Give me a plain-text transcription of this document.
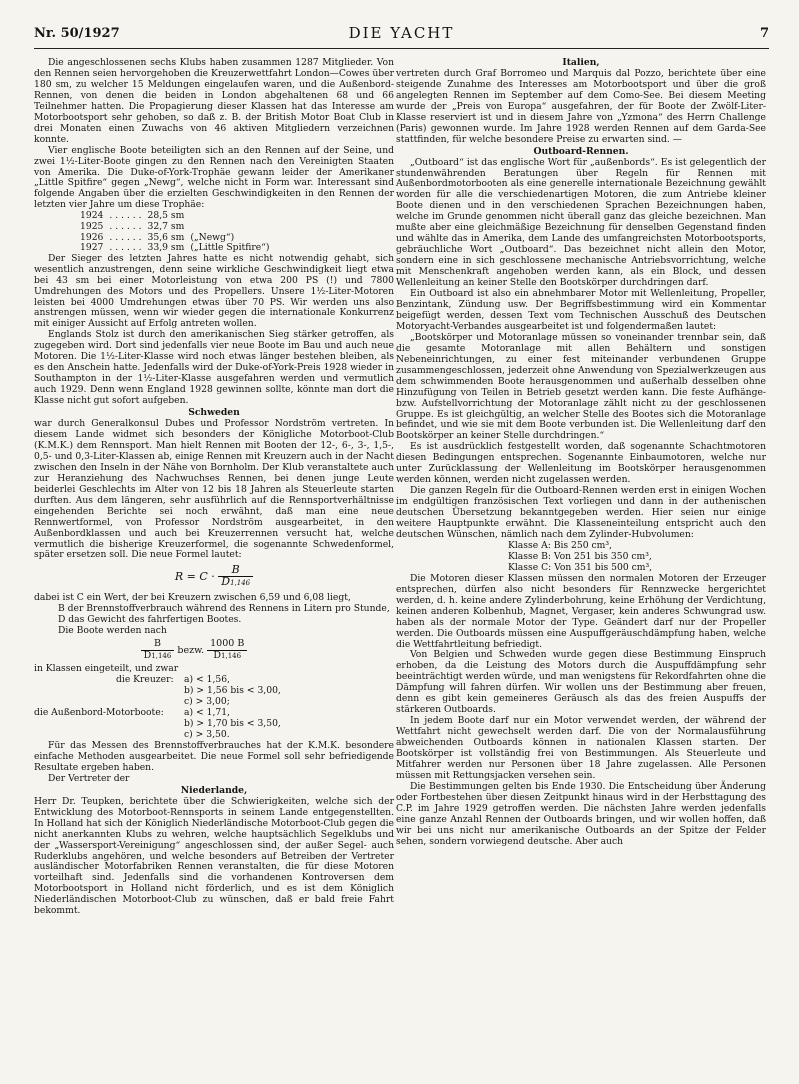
Nr. 50/1927	DIE YACHT	7

Die angeschlossenen sechs Klubs haben zusammen 1287 Mitglieder. Von den Rennen seien hervorgehoben die Kreuzerwettfahrt London—Cowes über 180 sm, zu welcher 15 Meldungen eingelaufen waren, und die Außenbord-Rennen, von denen die beiden in London abgehaltenen 68 und 66 Teilnehmer hatten. Die Propagierung dieser Klassen hat das Interesse am Motorbootsport sehr gehoben, so daß z. B. der British Motor Boat Club in drei Monaten einen Zuwachs von 46 aktiven Mitgliedern verzeichnen konnte.

Vier englische Boote beteiligten sich an den Rennen auf der Seine, und zwei 1½-Liter-Boote gingen zu den Rennen nach den Vereinigten Staaten von Amerika. Die Duke-of-York-Trophäe gewann leider der Amerikaner „Little Spitfire“ gegen „Newg“, welche nicht in Form war. Interessant sind folgende Angaben über die erzielten Geschwindigkeiten in den Rennen der letzten vier Jahre um diese Trophäe:

1924	. . . . . .	28,5 sm	
1925	. . . . . .	32,7 sm	
1926	. . . . . .	35,6 sm	(„Newg“)
1927	. . . . . .	33,9 sm	(„Little Spitfire“)

Der Sieger des letzten Jahres hatte es nicht notwendig gehabt, sich wesentlich anzustrengen, denn seine wirkliche Geschwindigkeit liegt etwa bei 43 sm bei einer Motorleistung von etwa 200 PS (!) und 7800 Umdrehungen des Motors und des Propellers. Unsere 1½-Liter-Motoren leisten bei 4000 Umdrehungen etwas über 70 PS. Wir werden uns also anstrengen müssen, wenn wir wieder gegen die internationale Konkurrenz mit einiger Aussicht auf Erfolg antreten wollen.

Englands Stolz ist durch den amerikanischen Sieg stärker getroffen, als zugegeben wird. Dort sind jedenfalls vier neue Boote im Bau und auch neue Motoren. Die 1½-Liter-Klasse wird noch etwas länger bestehen bleiben, als es den Anschein hatte. Jedenfalls wird der Duke-of-York-Preis 1928 wieder in Southampton in der 1½-Liter-Klasse ausgefahren werden und vermutlich auch 1929. Denn wenn England 1928 gewinnen sollte, könnte man dort die Klasse nicht gut sofort aufgeben.

Schweden

war durch Generalkonsul Dubes und Professor Nordström vertreten. In diesem Lande widmet sich besonders der Königliche Motorboot-Club (K.M.K.) dem Rennsport. Man hielt Rennen mit Booten der 12-, 6-, 3-, 1,5-, 0,5- und 0,3-Liter-Klassen ab, einige Rennen mit Kreuzern auch in der Nacht zwischen den Inseln in der Nähe von Bornholm. Der Klub veranstaltete auch zur Heranziehung des Nachwuchses Rennen, bei denen junge Leute beiderlei Geschlechts im Alter von 12 bis 18 Jahren als Steuerleute starten durften. Aus dem längeren, sehr ausführlich auf die Rennsportverhältnisse eingehenden Berichte sei noch erwähnt, daß man eine neue Rennwertformel, von Professor Nordström ausgearbeitet, in den Außenbordklassen und auch bei Kreuzerrennen versucht hat, welche vermutlich die bisherige Kreuzerformel, die sogenannte Schwedenformel, später ersetzen soll. Die neue Formel lautet:

$R = C \cdot \frac{B}{D1,146}$

dabei ist C ein Wert, der bei Kreuzern zwischen 6,59 und 6,08 liegt,

B der Brennstoffverbrauch während des Rennens in Litern pro Stunde,

D das Gewicht des fahrfertigen Bootes.

Die Boote werden nach

$\frac{B}{D1,146}$ bezw. $\frac{1000 B}{D1,146}$

in Klassen eingeteilt, und zwar

die Kreuzer: a) < 1,56,
b) > 1,56 bis < 3,00,
c) > 3,00;
die Außenbord-Motorboote: a) < 1,71,
b) > 1,70 bis < 3,50,
c) > 3,50.

Für das Messen des Brennstoffverbrauches hat der K.M.K. besondere einfache Methoden ausgearbeitet. Die neue Formel soll sehr befriedigende Resultate ergeben haben.

Der Vertreter der

Niederlande,

Herr Dr. Teupken, berichtete über die Schwierigkeiten, welche sich der Entwicklung des Motorboot-Rennsports in seinem Lande entgegenstellten. In Holland hat sich der Königlich Niederländische Motorboot-Club gegen die nicht anerkannten Klubs zu wehren, welche hauptsächlich Segelklubs und der „Wassersport-Vereinigung“ angeschlossen sind, der außer Segel- auch Ruderklubs angehören, und welche besonders auf Betreiben der Vertreter ausländischer Motorfabriken Rennen veranstalten, die für diese Motoren vorteilhaft sind. Jedenfalls sind die vorhandenen Kontroversen dem Motorbootsport in Holland nicht förderlich, und es ist dem Königlich Niederländischen Motorboot-Club zu wünschen, daß er bald freie Fahrt bekommt.

Italien,

vertreten durch Graf Borromeo und Marquis dal Pozzo, berichtete über eine steigende Zunahme des Interesses am Motorbootsport und über die groß angelegten Rennen im September auf dem Como-See. Bei diesem Meeting wurde der „Preis von Europa“ ausgefahren, der für Boote der Zwölf-Liter-Klasse reserviert ist und in diesem Jahre von „Yzmona“ des Herrn Challenge (Paris) gewonnen wurde. Im Jahre 1928 werden Rennen auf dem Garda-See stattfinden, für welche besondere Preise zu erwarten sind. —

Outboard-Rennen.

„Outboard“ ist das englische Wort für „außenbords“. Es ist gelegentlich der stundenwährenden Beratungen über Regeln für Rennen mit Außenbordmotorbooten als eine generelle internationale Bezeichnung gewählt worden für alle die verschiedenartigen Motoren, die zum Antriebe kleiner Boote dienen und in den verschiedenen Sprachen Bezeichnungen haben, welche im Grunde genommen nicht überall ganz das gleiche bezeichnen. Man mußte aber eine gleichmäßige Bezeichnung für denselben Gegenstand finden und wählte das in Amerika, dem Lande des umfangreichsten Motorbootsports, gebräuchliche Wort „Outboard“. Das bezeichnet nicht allein den Motor, sondern eine in sich geschlossene mechanische Antriebsvorrichtung, welche mit Menschenkraft angehoben werden kann, als ein Block, und dessen Wellenleitung an keiner Stelle den Bootskörper durchdringen darf.

Ein Outboard ist also ein abnehmbarer Motor mit Wellenleitung, Propeller, Benzintank, Zündung usw. Der Begriffsbestimmung wird ein Kommentar beigefügt werden, dessen Text vom Technischen Ausschuß des Deutschen Motoryacht-Verbandes ausgearbeitet ist und folgendermaßen lautet:

„Bootskörper und Motoranlage müssen so voneinander trennbar sein, daß die gesamte Motoranlage mit allen Behältern und sonstigen Nebeneinrichtungen, zu einer fest miteinander verbundenen Gruppe zusammengeschlossen, jederzeit ohne Anwendung von Spezialwerkzeugen aus dem schwimmenden Boote herausgenommen und außerhalb desselben ohne Hinzufügung von Teilen in Betrieb gesetzt werden kann. Die feste Aufhänge- bzw. Aufstellvorrichtung der Motoranlage zählt nicht zu der geschlossenen Gruppe. Es ist gleichgültig, an welcher Stelle des Bootes sich die Motoranlage befindet, und wie sie mit dem Boote verbunden ist. Die Wellenleitung darf den Bootskörper an keiner Stelle durchdringen.“

Es ist ausdrücklich festgestellt worden, daß sogenannte Schachtmotoren diesen Bedingungen entsprechen. Sogenannte Einbaumotoren, welche nur unter Zurücklassung der Wellenleitung im Bootskörper herausgenommen werden können, werden nicht zugelassen werden.

Die ganzen Regeln für die Outboard-Rennen werden erst in einigen Wochen im endgültigen französischen Text vorliegen und dann in der authenischen deutschen Übersetzung bekanntgegeben werden. Hier seien nur einige weitere Hauptpunkte erwähnt. Die Klasseneinteilung entspricht auch den deutschen Wünschen, nämlich nach dem Zylinder-Hubvolumen:

Klasse A: Bis 250 cm³,
Klasse B: Von 251 bis 350 cm³,
Klasse C: Von 351 bis 500 cm³,

Die Motoren dieser Klassen müssen den normalen Motoren der Erzeuger entsprechen, dürfen also nicht besonders für Rennzwecke hergerichtet werden, d. h. keine andere Zylinderbohrung, keine Erhöhung der Verdichtung, keinen anderen Kolbenhub, Magnet, Vergaser, kein anderes Schwungrad usw. haben als der normale Motor der Type. Geändert darf nur der Propeller werden. Die Outboards müssen eine Auspuffgeräuschdämpfung haben, welche die Wettfahrtleitung befriedigt.

Von Belgien und Schweden wurde gegen diese Bestimmung Einspruch erhoben, da die Leistung des Motors durch die Auspuffdämpfung sehr beeinträchtigt werden würde, und man wenigstens für Rekordfahrten ohne die Dämpfung will fahren dürfen. Wir wollen uns der Bestimmung aber freuen, denn es gibt kein gemeineres Geräusch als das des freien Auspuffs der stärkeren Outboards.

In jedem Boote darf nur ein Motor verwendet werden, der während der Wettfahrt nicht gewechselt werden darf. Die von der Normalausführung abweichenden Outboards können in nationalen Klassen starten. Der Bootskörper ist vollständig frei von Bestimmungen. Als Steuerleute und Mitfahrer werden nur Personen über 18 Jahre zugelassen. Alle Personen müssen mit Rettungsjacken versehen sein.

Die Bestimmungen gelten bis Ende 1930. Die Entscheidung über Änderung oder Fortbestehen über diesen Zeitpunkt hinaus wird in der Herbsttagung des C.P. im Jahre 1929 getroffen werden. Die nächsten Jahre werden jedenfalls eine ganze Anzahl Rennen der Outboards bringen, und wir wollen hoffen, daß wir bei uns nicht nur amerikanische Outboards an der Spitze der Felder sehen, sondern vorwiegend deutsche. Aber auch
